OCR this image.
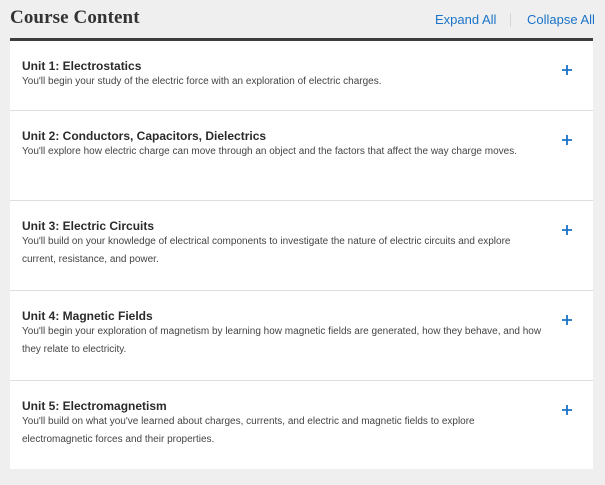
Course Content	Expand All Collapse All
Unit 1: Electrostatics
You'll begin your study of the electric force with an exploration of electric charges.
Unit 2: Conductors, Capacitors, Dielectrics
You'll explore how electric charge can move through an object and the factors that affect the way charge moves.
Unit 3: Electric Circuits
You'll build on your knowledge of electrical components to investigate the nature of electric circuits and explore current, resistance, and power.
Unit 4: Magnetic Fields
You'll begin your exploration of magnetism by learning how magnetic fields are generated, how they behave, and how they relate to electricity.
Unit 5: Electromagnetism
You'll build on what you've learned about charges, currents, and electric and magnetic fields to explore electromagnetic forces and their properties.
